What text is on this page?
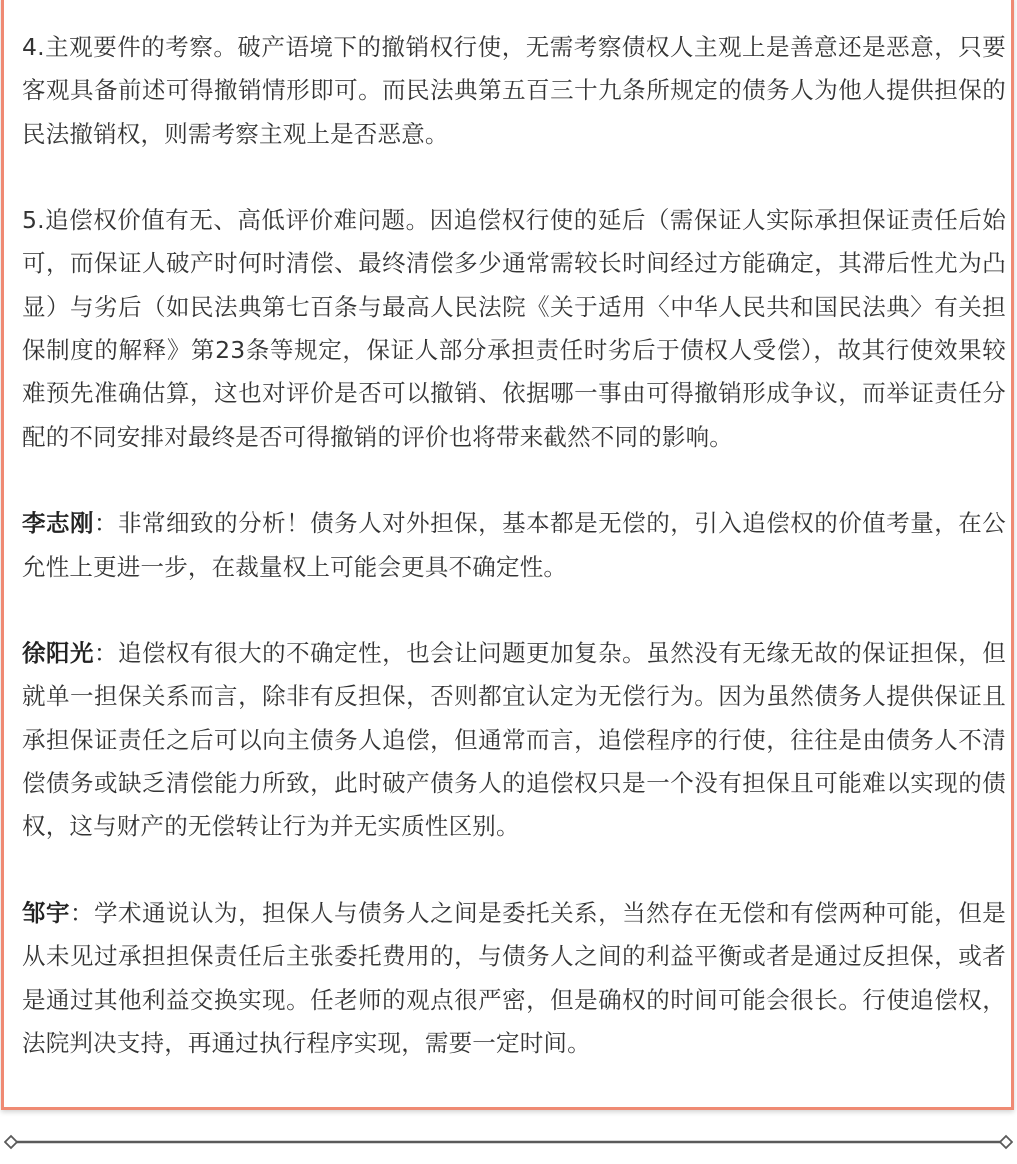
4.主观要件的考察。破产语境下的撤销权行使，无需考察债权人主观上是善意还是恶意，只要客观具备前述可得撤销情形即可。而民法典第五百三十九条所规定的债务人为他人提供担保的民法撤销权，则需考察主观上是否恶意。

5.追偿权价值有无、高低评价难问题。因追偿权行使的延后（需保证人实际承担保证责任后始可，而保证人破产时何时清偿、最终清偿多少通常需较长时间经过方能确定，其滞后性尤为凸显）与劣后（如民法典第七百条与最高人民法院《关于适用〈中华人民共和国民法典〉有关担保制度的解释》第23条等规定，保证人部分承担责任时劣后于债权人受偿），故其行使效果较难预先准确估算，这也对评价是否可以撤销、依据哪一事由可得撤销形成争议，而举证责任分配的不同安排对最终是否可得撤销的评价也将带来截然不同的影响。

李志刚：非常细致的分析！债务人对外担保，基本都是无偿的，引入追偿权的价值考量，在公允性上更进一步，在裁量权上可能会更具不确定性。

徐阳光：追偿权有很大的不确定性，也会让问题更加复杂。虽然没有无缘无故的保证担保，但就单一担保关系而言，除非有反担保，否则都宜认定为无偿行为。因为虽然债务人提供保证且承担保证责任之后可以向主债务人追偿，但通常而言，追偿程序的行使，往往是由债务人不清偿债务或缺乏清偿能力所致，此时破产债务人的追偿权只是一个没有担保且可能难以实现的债权，这与财产的无偿转让行为并无实质性区别。

邹宇：学术通说认为，担保人与债务人之间是委托关系，当然存在无偿和有偿两种可能，但是从未见过承担担保责任后主张委托费用的，与债务人之间的利益平衡或者是通过反担保，或者是通过其他利益交换实现。任老师的观点很严密，但是确权的时间可能会很长。行使追偿权，法院判决支持，再通过执行程序实现，需要一定时间。
